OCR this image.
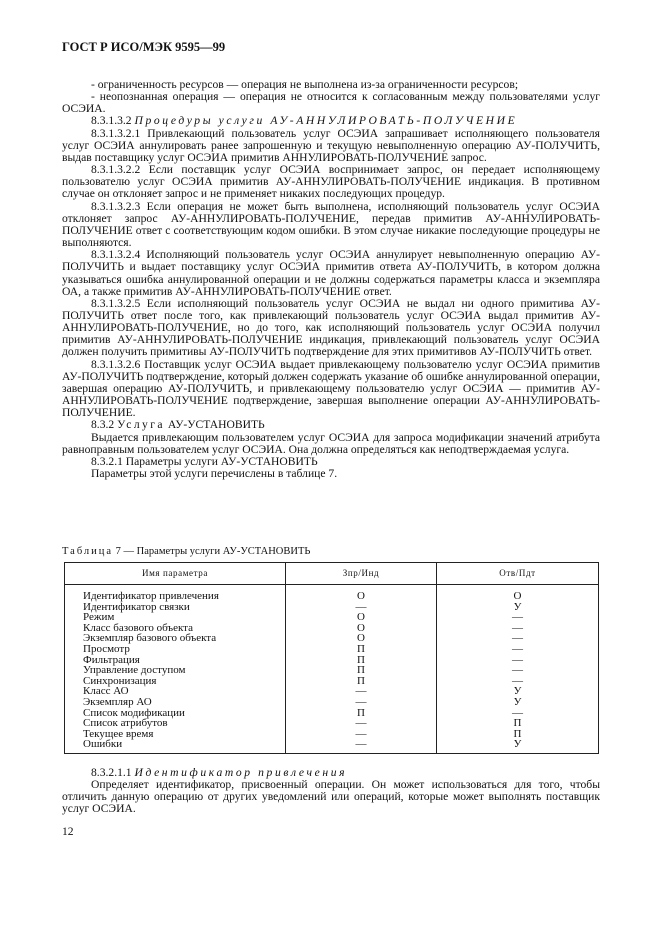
ГОСТ Р ИСО/МЭК 9595—99

- ограниченность ресурсов — операция не выполнена из-за ограниченности ресурсов;

- неопознанная операция — операция не относится к согласованным между пользователями услуг ОСЭИА.

8.3.1.3.2 Процедуры услуги АУ-АННУЛИРОВАТЬ-ПОЛУЧЕНИЕ

8.3.1.3.2.1 Привлекающий пользователь услуг ОСЭИА запрашивает исполняющего пользователя услуг ОСЭИА аннулировать ранее запрошенную и текущую невыполненную операцию АУ-ПОЛУЧИТЬ, выдав поставщику услуг ОСЭИА примитив АННУЛИРОВАТЬ-ПОЛУЧЕНИЕ запрос.

8.3.1.3.2.2 Если поставщик услуг ОСЭИА воспринимает запрос, он передает исполняющему пользователю услуг ОСЭИА примитив АУ-АННУЛИРОВАТЬ-ПОЛУЧЕНИЕ индикация. В противном случае он отклоняет запрос и не применяет никаких последующих процедур.

8.3.1.3.2.3 Если операция не может быть выполнена, исполняющий пользователь услуг ОСЭИА отклоняет запрос АУ-АННУЛИРОВАТЬ-ПОЛУЧЕНИЕ, передав примитив АУ-АННУЛИРОВАТЬ-ПОЛУЧЕНИЕ ответ с соответствующим кодом ошибки. В этом случае никакие последующие процедуры не выполняются.

8.3.1.3.2.4 Исполняющий пользователь услуг ОСЭИА аннулирует невыполненную операцию АУ-ПОЛУЧИТЬ и выдает поставщику услуг ОСЭИА примитив ответа АУ-ПОЛУЧИТЬ, в котором должна указываться ошибка аннулированной операции и не должны содержаться параметры класса и экземпляра ОА, а также примитив АУ-АННУЛИРОВАТЬ-ПОЛУЧЕНИЕ ответ.

8.3.1.3.2.5 Если исполняющий пользователь услуг ОСЭИА не выдал ни одного примитива АУ-ПОЛУЧИТЬ ответ после того, как привлекающий пользователь услуг ОСЭИА выдал примитив АУ-АННУЛИРОВАТЬ-ПОЛУЧЕНИЕ, но до того, как исполняющий пользователь услуг ОСЭИА получил примитив АУ-АННУЛИРОВАТЬ-ПОЛУЧЕНИЕ индикация, привлекающий пользователь услуг ОСЭИА должен получить примитивы АУ-ПОЛУЧИТЬ подтверждение для этих примитивов АУ-ПОЛУЧИТЬ ответ.

8.3.1.3.2.6 Поставщик услуг ОСЭИА выдает привлекающему пользователю услуг ОСЭИА примитив АУ-ПОЛУЧИТЬ подтверждение, который должен содержать указание об ошибке аннулированной операции, завершая операцию АУ-ПОЛУЧИТЬ, и привлекающему пользователю услуг ОСЭИА — примитив АУ-АННУЛИРОВАТЬ-ПОЛУЧЕНИЕ подтверждение, завершая выполнение операции АУ-АННУЛИРОВАТЬ-ПОЛУЧЕНИЕ.

8.3.2 Услуга АУ-УСТАНОВИТЬ

Выдается привлекающим пользователем услуг ОСЭИА для запроса модификации значений атрибута равноправным пользователем услуг ОСЭИА. Она должна определяться как неподтверждаемая услуга.

8.3.2.1 Параметры услуги АУ-УСТАНОВИТЬ

Параметры этой услуги перечислены в таблице 7.

Таблица 7 — Параметры услуги АУ-УСТАНОВИТЬ
Имя параметра	Зпр/Инд	Отв/Пдт
Идентификатор привлечения	О	О
Идентификатор связки	—	У
Режим	О	—
Класс базового объекта	О	—
Экземпляр базового объекта	О	—
Просмотр	П	—
Фильтрация	П	—
Управление доступом	П	—
Синхронизация	П	—
Класс АО	—	У
Экземпляр АО	—	У
Список модификации	П	—
Список атрибутов	—	П
Текущее время	—	П
Ошибки	—	У

8.3.2.1.1 Идентификатор привлечения

Определяет идентификатор, присвоенный операции. Он может использоваться для того, чтобы отличить данную операцию от других уведомлений или операций, которые может выполнять поставщик услуг ОСЭИА.

12
